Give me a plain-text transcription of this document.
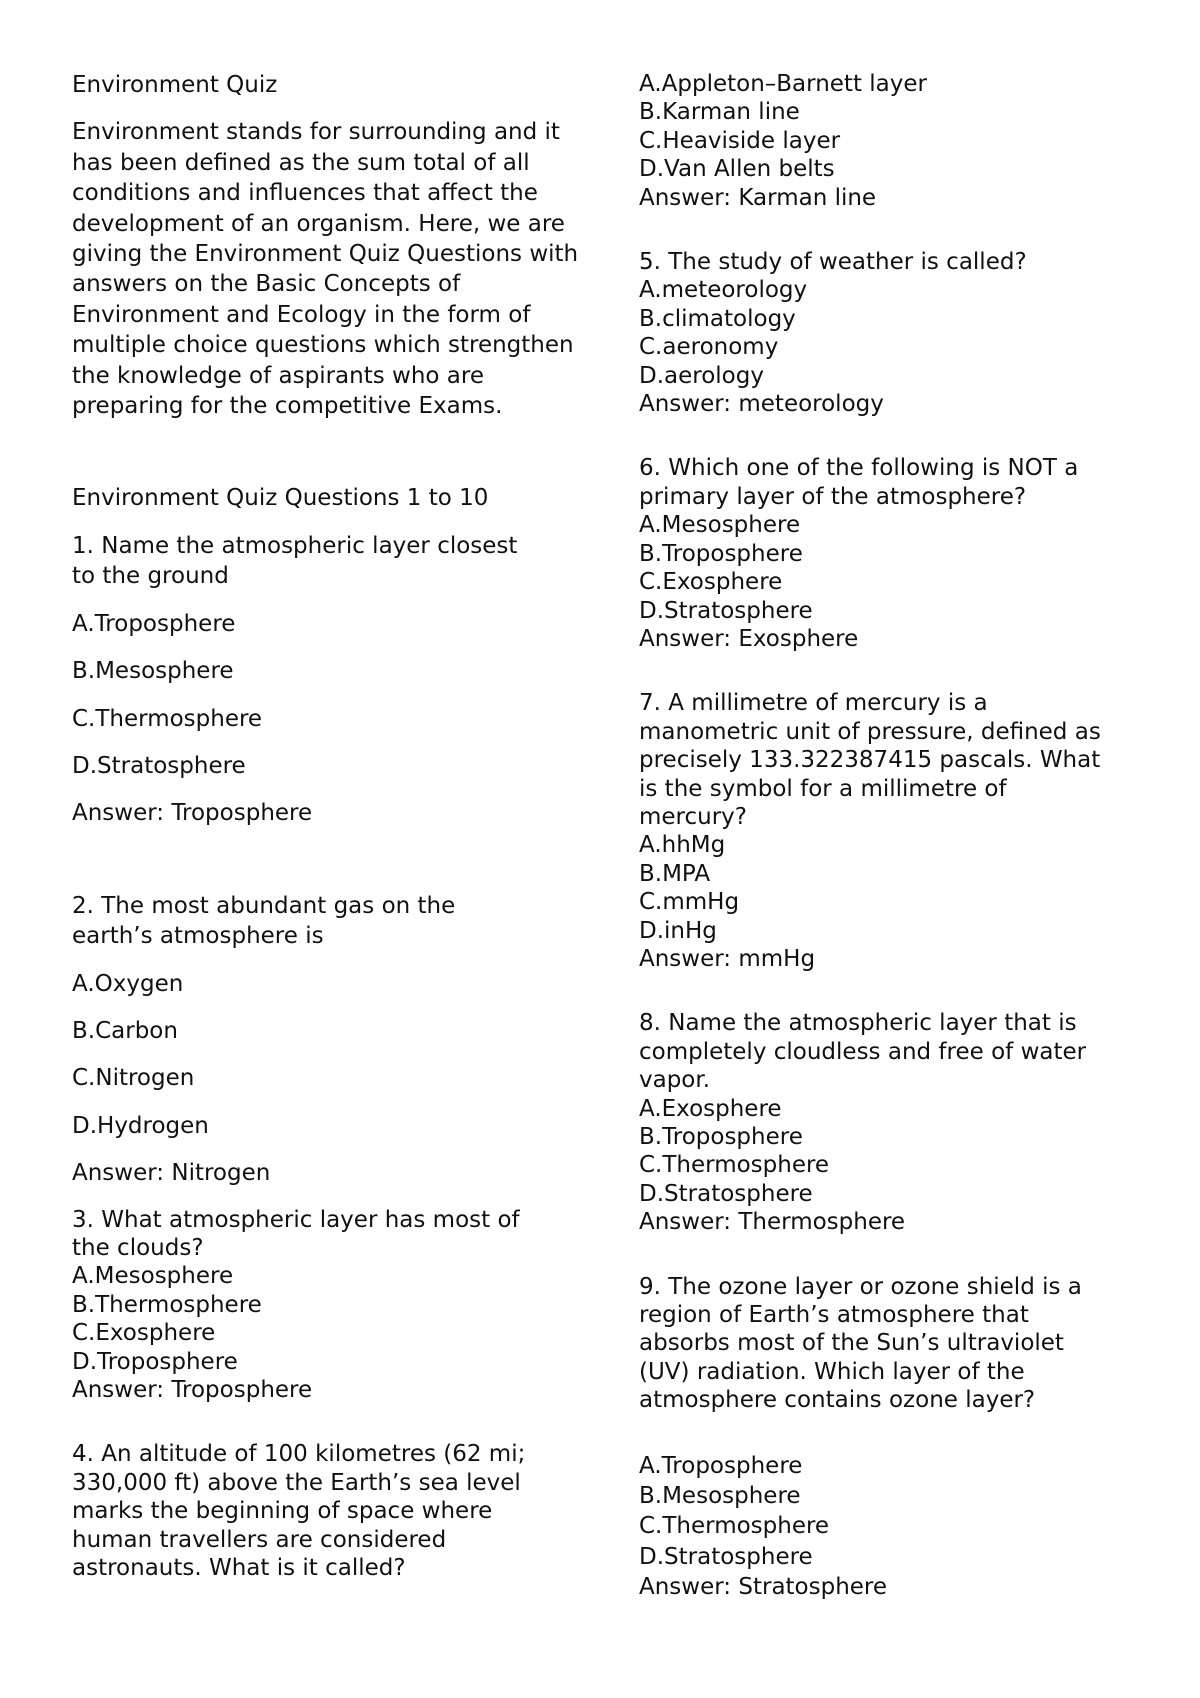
Environment Quiz
Environment stands for surrounding and it has been defined as the sum total of all conditions and influences that affect the development of an organism. Here, we are giving the Environment Quiz Questions with answers on the Basic Concepts of Environment and Ecology in the form of multiple choice questions which strengthen the knowledge of aspirants who are preparing for the competitive Exams.
Environment Quiz Questions 1 to 10
1. Name the atmospheric layer closest
to the ground
A.Troposphere
B.Mesosphere
C.Thermosphere
D.Stratosphere
Answer: Troposphere
2. The most abundant gas on the
earth’s atmosphere is
A.Oxygen
B.Carbon
C.Nitrogen
D.Hydrogen
Answer: Nitrogen
3. What atmospheric layer has most of
the clouds?
A.Mesosphere
B.Thermosphere
C.Exosphere
D.Troposphere
Answer: Troposphere
4. An altitude of 100 kilometres (62 mi;
330,000 ft) above the Earth’s sea level
marks the beginning of space where
human travellers are considered
astronauts. What is it called?
A.Appleton–Barnett layer
B.Karman line
C.Heaviside layer
D.Van Allen belts
Answer: Karman line
5. The study of weather is called?
A.meteorology
B.climatology
C.aeronomy
D.aerology
Answer: meteorology
6. Which one of the following is NOT a
primary layer of the atmosphere?
A.Mesosphere
B.Troposphere
C.Exosphere
D.Stratosphere
Answer: Exosphere
7. A millimetre of mercury is a
manometric unit of pressure, defined as
precisely 133.322387415 pascals. What
is the symbol for a millimetre of
mercury?
A.hhMg
B.MPA
C.mmHg
D.inHg
Answer: mmHg
8. Name the atmospheric layer that is
completely cloudless and free of water
vapor.
A.Exosphere
B.Troposphere
C.Thermosphere
D.Stratosphere
Answer: Thermosphere
9. The ozone layer or ozone shield is a
region of Earth’s atmosphere that
absorbs most of the Sun’s ultraviolet
(UV) radiation. Which layer of the
atmosphere contains ozone layer?
A.Troposphere
B.Mesosphere
C.Thermosphere
D.Stratosphere
Answer: Stratosphere
